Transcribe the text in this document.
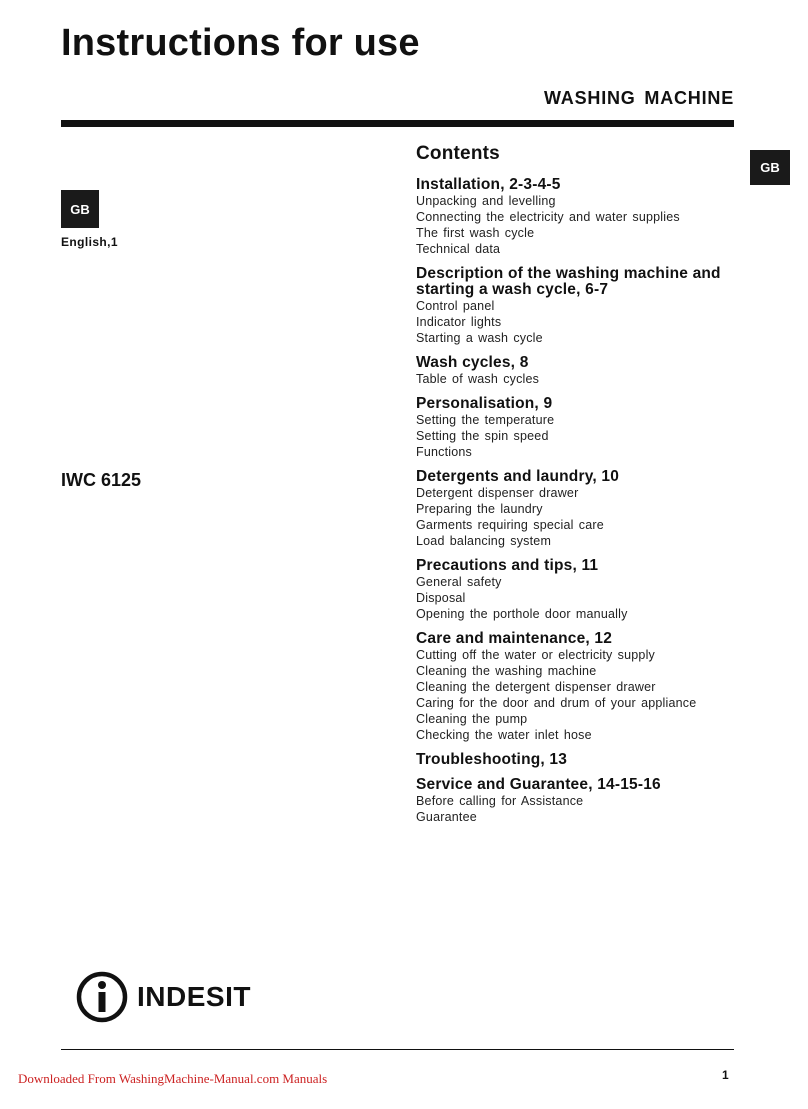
Instructions for use
WASHING MACHINE
GB
GB
English,1
IWC 6125
Contents
Installation, 2-3-4-5
Unpacking and levelling
Connecting the electricity and water supplies
The first wash cycle
Technical data
Description of the washing machine and starting a wash cycle, 6-7
Control panel
Indicator lights
Starting a wash cycle
Wash cycles, 8
Table of wash cycles
Personalisation, 9
Setting the temperature
Setting the spin speed
Functions
Detergents and laundry, 10
Detergent dispenser drawer
Preparing the laundry
Garments requiring special care
Load balancing system
Precautions and tips, 11
General safety
Disposal
Opening the porthole door manually
Care and maintenance, 12
Cutting off the water or electricity supply
Cleaning the washing machine
Cleaning the detergent dispenser drawer
Caring for the door and drum of your appliance
Cleaning the pump
Checking the water inlet hose
Troubleshooting, 13
Service and Guarantee, 14-15-16
Before calling for Assistance
Guarantee
INDESIT
Downloaded From WashingMachine-Manual.com Manuals	1
